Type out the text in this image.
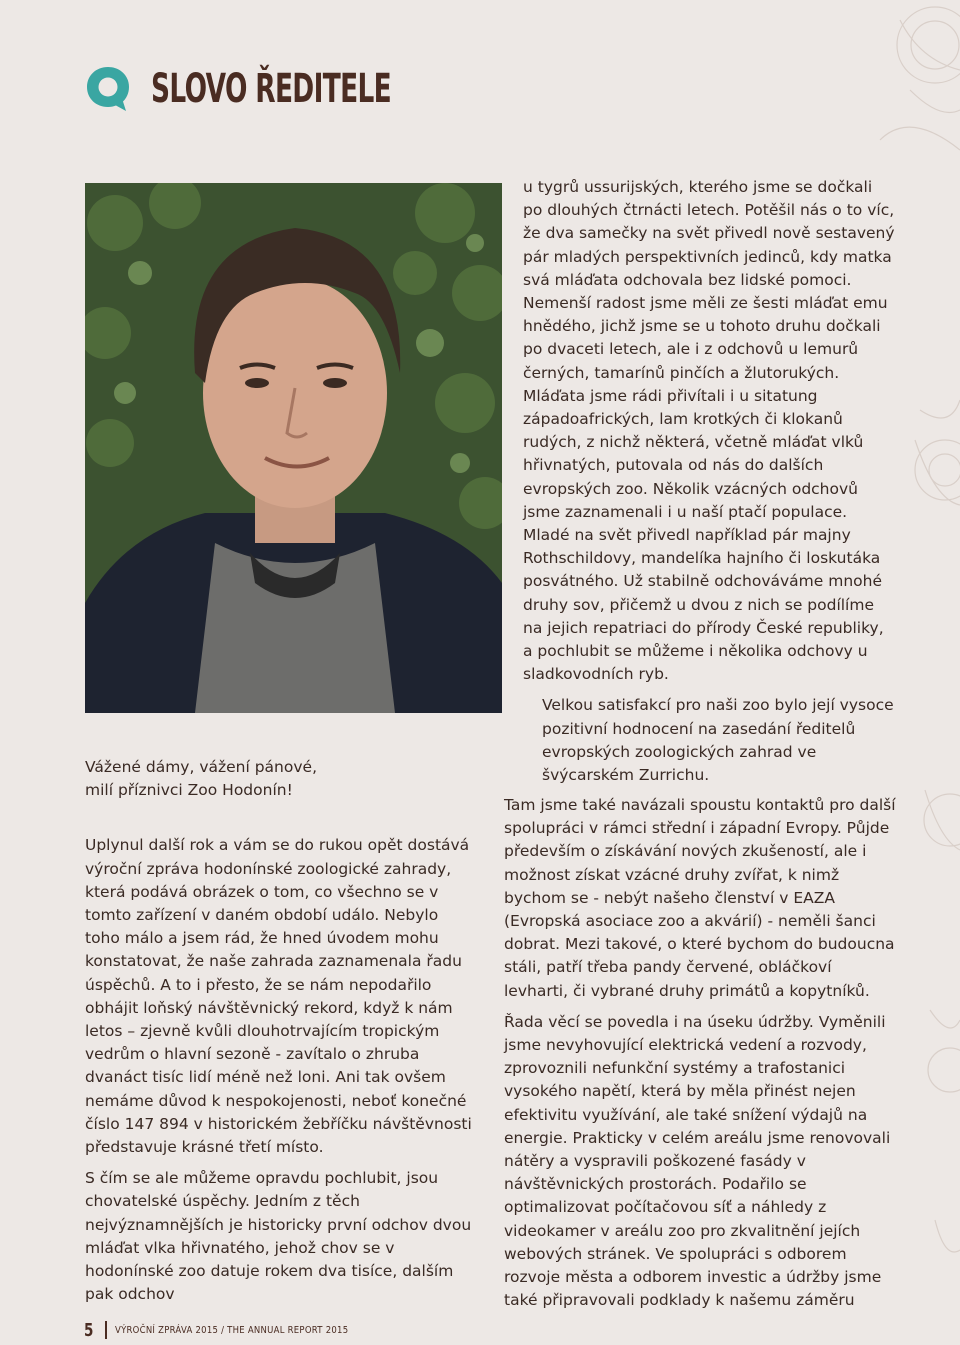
SLOVO ŘEDITELE

Vážené dámy, vážení pánové,
milí příznivci Zoo Hodonín!

Uplynul další rok a vám se do rukou opět dostává výroční zpráva hodonínské zoologické zahrady, která podává obrázek o tom, co všechno se v tomto zařízení v daném období událo. Nebylo toho málo a jsem rád, že hned úvodem mohu konstatovat, že naše zahrada zaznamenala řadu úspěchů. A to i přesto, že se nám nepodařilo obhájit loňský návštěvnický rekord, když k nám letos – zjevně kvůli dlouhotrvajícím tropickým vedrům o hlavní sezoně - zavítalo o zhruba dvanáct tisíc lidí méně než loni. Ani tak ovšem nemáme důvod k nespokojenosti, neboť konečné číslo 147 894 v historickém žebříčku návštěvnosti představuje krásné třetí místo.

S čím se ale můžeme opravdu pochlubit, jsou chovatelské úspěchy. Jedním z těch nejvýznamnějších je historicky první odchov dvou mláďat vlka hřivnatého, jehož chov se v hodonínské zoo datuje rokem dva tisíce, dalším pak odchov

u tygrů ussurijských, kterého jsme se dočkali po dlouhých čtrnácti letech. Potěšil nás o to víc, že dva samečky na svět přivedl nově sestavený pár mladých perspektivních jedinců, kdy matka svá mláďata odchovala bez lidské pomoci. Nemenší radost jsme měli ze šesti mláďat emu hnědého, jichž jsme se u tohoto druhu dočkali po dvaceti letech, ale i z odchovů u lemurů černých, tamarínů pinčích a žlutorukých. Mláďata jsme rádi přivítali i u sitatung západoafrických, lam krotkých či klokanů rudých, z nichž některá, včetně mláďat vlků hřivnatých, putovala od nás do dalších evropských zoo. Několik vzácných odchovů jsme zaznamenali i u naší ptačí populace. Mladé na svět přivedl například pár majny Rothschildovy, mandelíka hajního či loskutáka posvátného. Už stabilně odchováváme mnohé druhy sov, přičemž u dvou z nich se podílíme na jejich repatriaci do přírody České republiky, a pochlubit se můžeme i několika odchovy u sladkovodních ryb.

Velkou satisfakcí pro naši zoo bylo její vysoce pozitivní hodnocení na zasedání ředitelů evropských zoologických zahrad ve švýcarském Zurrichu.

Tam jsme také navázali spoustu kontaktů pro další spolupráci v rámci střední i západní Evropy. Půjde především o získávání nových zkušeností, ale i možnost získat vzácné druhy zvířat, k nimž bychom se - nebýt našeho členství v EAZA (Evropská asociace zoo a akvárií) - neměli šanci dobrat. Mezi takové, o které bychom do budoucna stáli, patří třeba pandy červené, obláčkoví levharti, či vybrané druhy primátů a kopytníků.

Řada věcí se povedla i na úseku údržby. Vyměnili jsme nevyhovující elektrická vedení a rozvody, zprovoznili nefunkční systémy a trafostanici vysokého napětí, která by měla přinést nejen efektivitu využívání, ale také snížení výdajů na energie. Prakticky v celém areálu jsme renovovali nátěry a vyspravili poškozené fasády v návštěvnických prostorách. Podařilo se optimalizovat počítačovou síť a náhledy z videokamer v areálu zoo pro zkvalitnění jejích webových stránek. Ve spolupráci s odborem rozvoje města a odborem investic a údržby jsme také připravovali podklady k našemu záměru

5 VÝROČNÍ ZPRÁVA 2015 / THE ANNUAL REPORT 2015
